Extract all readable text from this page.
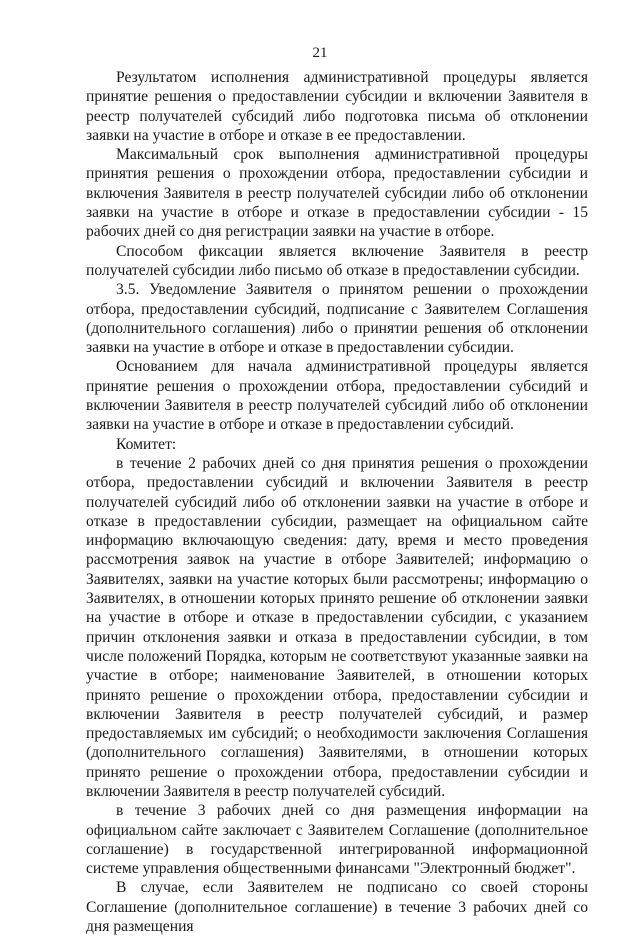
21

Результатом исполнения административной процедуры является принятие решения о предоставлении субсидии и включении Заявителя в реестр получателей субсидий либо подготовка письма об отклонении заявки на участие в отборе и отказе в ее предоставлении.

Максимальный срок выполнения административной процедуры принятия решения о прохождении отбора, предоставлении субсидии и включения Заявителя в реестр получателей субсидии либо об отклонении заявки на участие в отборе и отказе в предоставлении субсидии - 15 рабочих дней со дня регистрации заявки на участие в отборе.

Способом фиксации является включение Заявителя в реестр получателей субсидии либо письмо об отказе в предоставлении субсидии.

3.5. Уведомление Заявителя о принятом решении о прохождении отбора, предоставлении субсидий, подписание с Заявителем Соглашения (дополнительного соглашения) либо о принятии решения об отклонении заявки на участие в отборе и отказе в предоставлении субсидии.

Основанием для начала административной процедуры является принятие решения о прохождении отбора, предоставлении субсидий и включении Заявителя в реестр получателей субсидий либо об отклонении заявки на участие в отборе и отказе в предоставлении субсидий.

Комитет:

в течение 2 рабочих дней со дня принятия решения о прохождении отбора, предоставлении субсидий и включении Заявителя в реестр получателей субсидий либо об отклонении заявки на участие в отборе и отказе в предоставлении субсидии, размещает на официальном сайте информацию включающую сведения: дату, время и место проведения рассмотрения заявок на участие в отборе Заявителей; информацию о Заявителях, заявки на участие которых были рассмотрены; информацию о Заявителях, в отношении которых принято решение об отклонении заявки на участие в отборе и отказе в предоставлении субсидии, с указанием причин отклонения заявки и отказа в предоставлении субсидии, в том числе положений Порядка, которым не соответствуют указанные заявки на участие в отборе; наименование Заявителей, в отношении которых принято решение о прохождении отбора, предоставлении субсидии и включении Заявителя в реестр получателей субсидий, и размер предоставляемых им субсидий; о необходимости заключения Соглашения (дополнительного соглашения) Заявителями, в отношении которых принято решение о прохождении отбора, предоставлении субсидии и включении Заявителя в реестр получателей субсидий.

в течение 3 рабочих дней со дня размещения информации на официальном сайте заключает с Заявителем Соглашение (дополнительное соглашение) в государственной интегрированной информационной системе управления общественными финансами "Электронный бюджет".

В случае, если Заявителем не подписано со своей стороны Соглашение (дополнительное соглашение) в течение 3 рабочих дней со дня размещения
